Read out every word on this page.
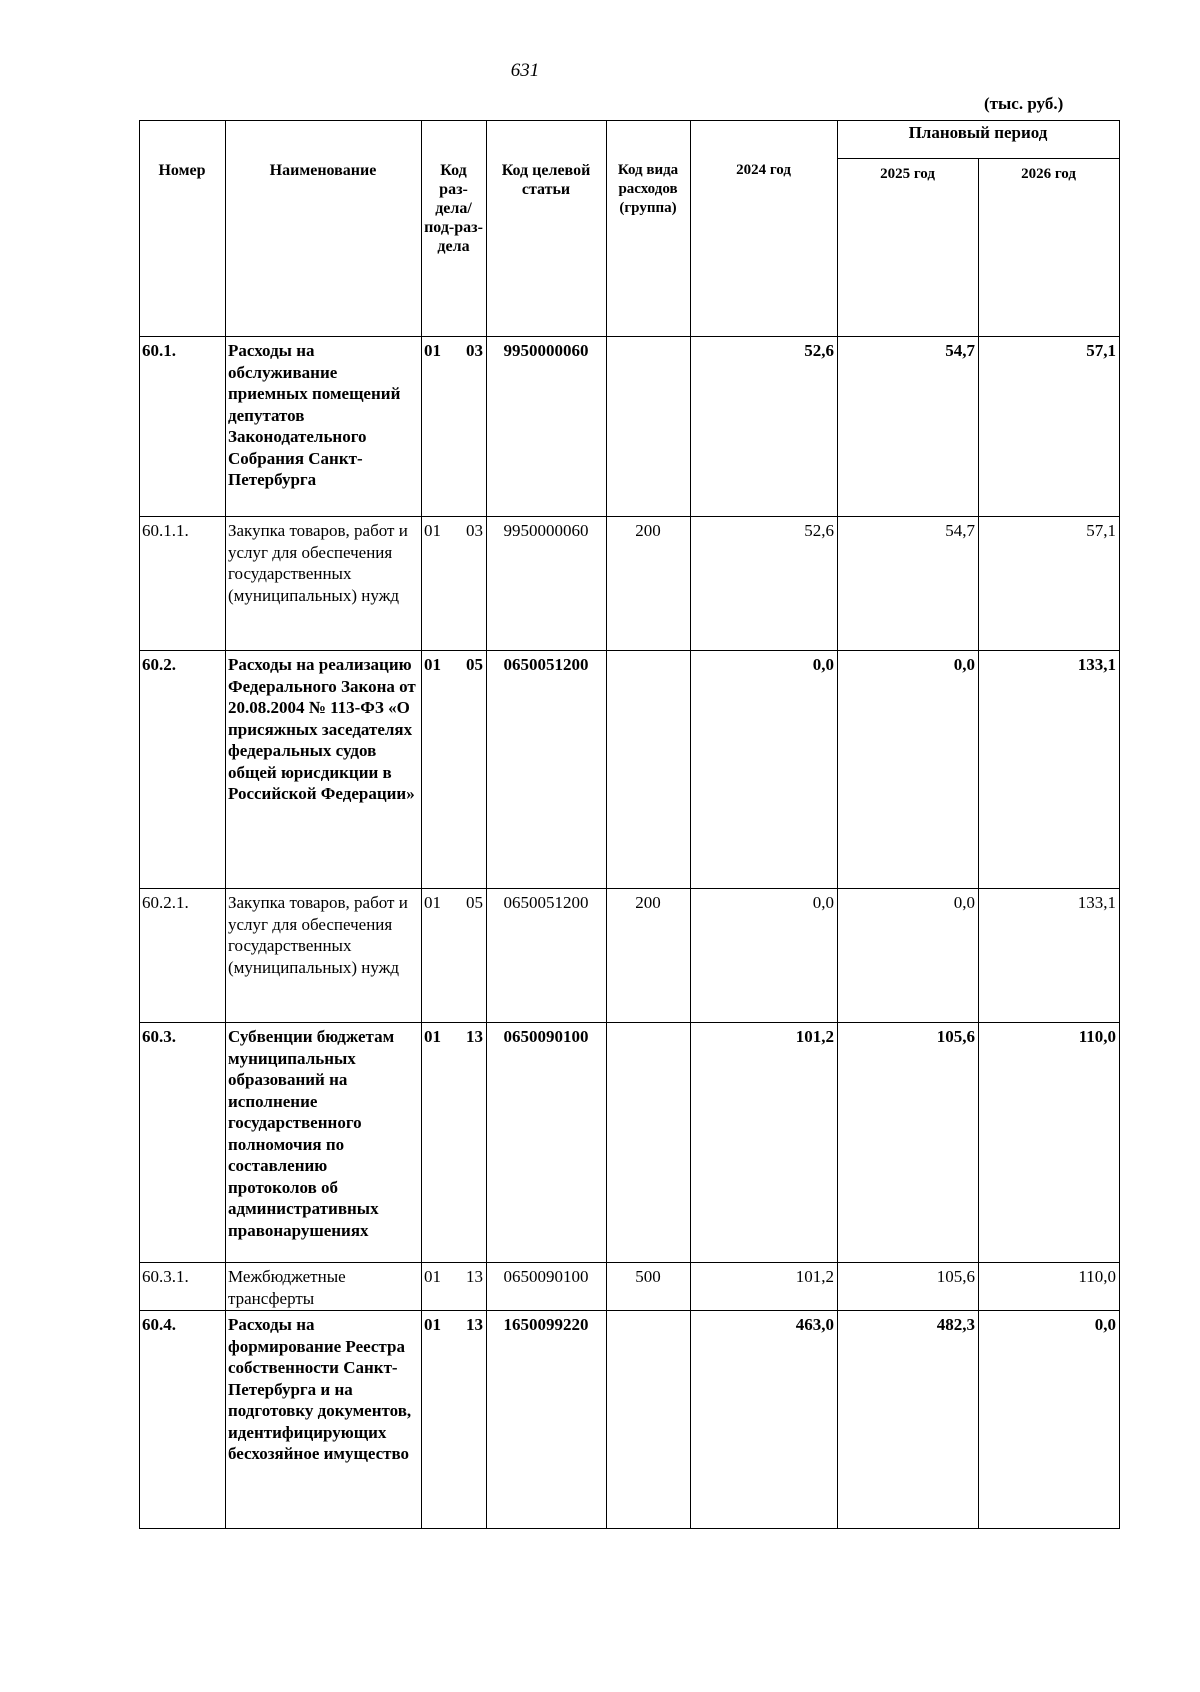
631
(тыс. руб.)
Номер	Наименование	Код раз-дела/ под-раз-дела	Код целевой статьи	Код вида расходов (группа)	2024 год	Плановый период	
						2025 год	2026 год
60.1.	Расходы на обслуживание приемных помещений депутатов Законодательного Собрания Санкт-Петербурга	01 03	9950000060		52,6	54,7	57,1
60.1.1.	Закупка товаров, работ и услуг для обеспечения государственных (муниципальных) нужд	01 03	9950000060	200	52,6	54,7	57,1
60.2.	Расходы на реализацию Федерального Закона от 20.08.2004 № 113-ФЗ «О присяжных заседателях федеральных судов общей юрисдикции в Российской Федерации»	01 05	0650051200		0,0	0,0	133,1
60.2.1.	Закупка товаров, работ и услуг для обеспечения государственных (муниципальных) нужд	01 05	0650051200	200	0,0	0,0	133,1
60.3.	Субвенции бюджетам муниципальных образований на исполнение государственного полномочия по составлению протоколов об административных правонарушениях	01 13	0650090100		101,2	105,6	110,0
60.3.1.	Межбюджетные трансферты	01 13	0650090100	500	101,2	105,6	110,0
60.4.	Расходы на формирование Реестра собственности Санкт-Петербурга и на подготовку документов, идентифицирующих бесхозяйное имущество	01 13	1650099220		463,0	482,3	0,0
